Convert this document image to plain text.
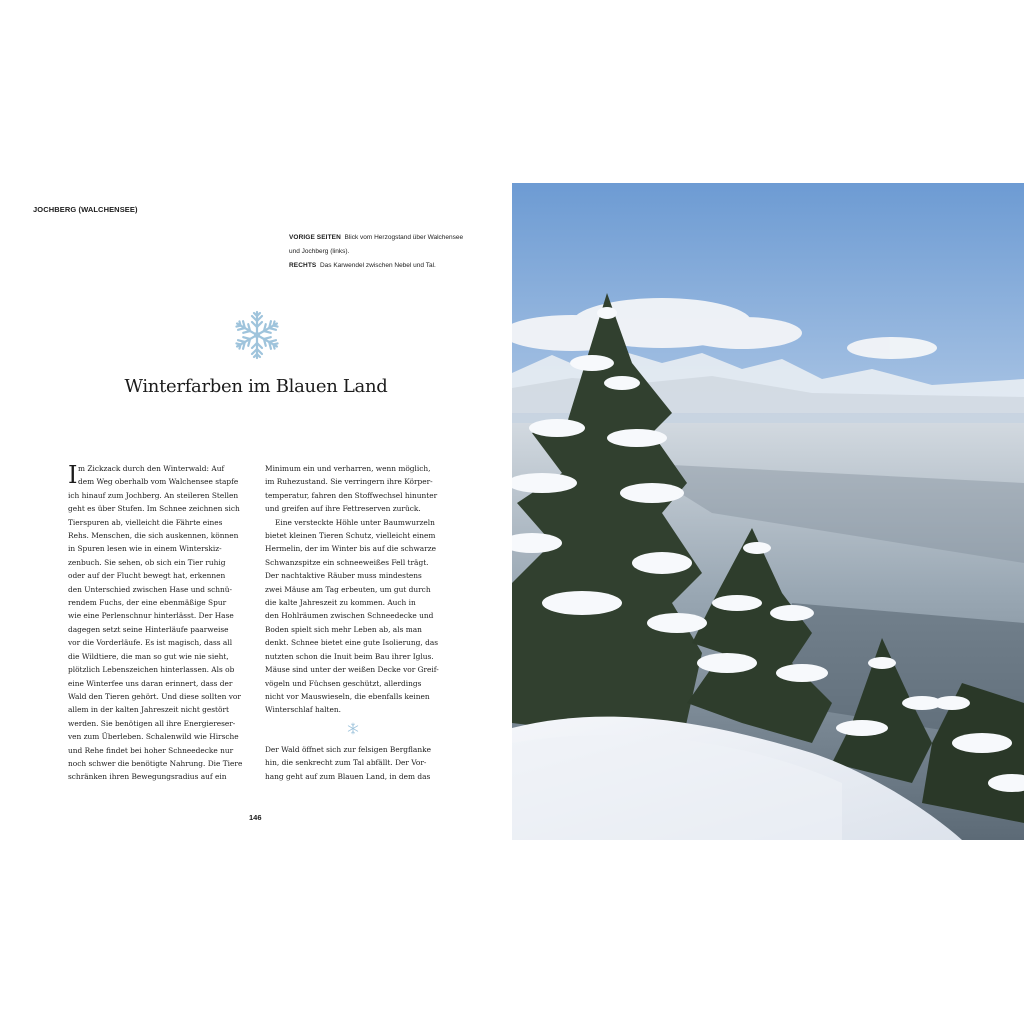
JOCHBERG (WALCHENSEE)
VORIGE SEITEN Blick vom Herzogstand über Walchensee
und Jochberg (links).
RECHTS Das Karwendel zwischen Nebel und Tal.
Winterfarben im Blauen Land
I m Zickzack durch den Winterwald: Auf
dem Weg oberhalb vom Walchensee stapfe
ich hinauf zum Jochberg. An steileren Stellen
geht es über Stufen. Im Schnee zeichnen sich
Tierspuren ab, vielleicht die Fährte eines
Rehs. Menschen, die sich auskennen, können
in Spuren lesen wie in einem Winterskiz-
zenbuch. Sie sehen, ob sich ein Tier ruhig
oder auf der Flucht bewegt hat, erkennen
den Unterschied zwischen Hase und schnü-
rendem Fuchs, der eine ebenmäßige Spur
wie eine Perlenschnur hinterlässt. Der Hase
dagegen setzt seine Hinterläufe paarweise
vor die Vorderläufe. Es ist magisch, dass all
die Wildtiere, die man so gut wie nie sieht,
plötzlich Lebenszeichen hinterlassen. Als ob
eine Winterfee uns daran erinnert, dass der
Wald den Tieren gehört. Und diese sollten vor
allem in der kalten Jahreszeit nicht gestört
werden. Sie benötigen all ihre Energiereser-
ven zum Überleben. Schalenwild wie Hirsche
und Rehe findet bei hoher Schneedecke nur
noch schwer die benötigte Nahrung. Die Tiere
schränken ihren Bewegungsradius auf ein
Minimum ein und verharren, wenn möglich,
im Ruhezustand. Sie verringern ihre Körper-
temperatur, fahren den Stoffwechsel hinunter
und greifen auf ihre Fettreserven zurück.
Eine versteckte Höhle unter Baumwurzeln
bietet kleinen Tieren Schutz, vielleicht einem
Hermelin, der im Winter bis auf die schwarze
Schwanzspitze ein schneeweißes Fell trägt.
Der nachtaktive Räuber muss mindestens
zwei Mäuse am Tag erbeuten, um gut durch
die kalte Jahreszeit zu kommen. Auch in
den Hohlräumen zwischen Schneedecke und
Boden spielt sich mehr Leben ab, als man
denkt. Schnee bietet eine gute Isolierung, das
nutzten schon die Inuit beim Bau ihrer Iglus.
Mäuse sind unter der weißen Decke vor Greif-
vögeln und Füchsen geschützt, allerdings
nicht vor Mauswieseln, die ebenfalls keinen
Winterschlaf halten.
Der Wald öffnet sich zur felsigen Bergflanke
hin, die senkrecht zum Tal abfällt. Der Vor-
hang geht auf zum Blauen Land, in dem das
146
